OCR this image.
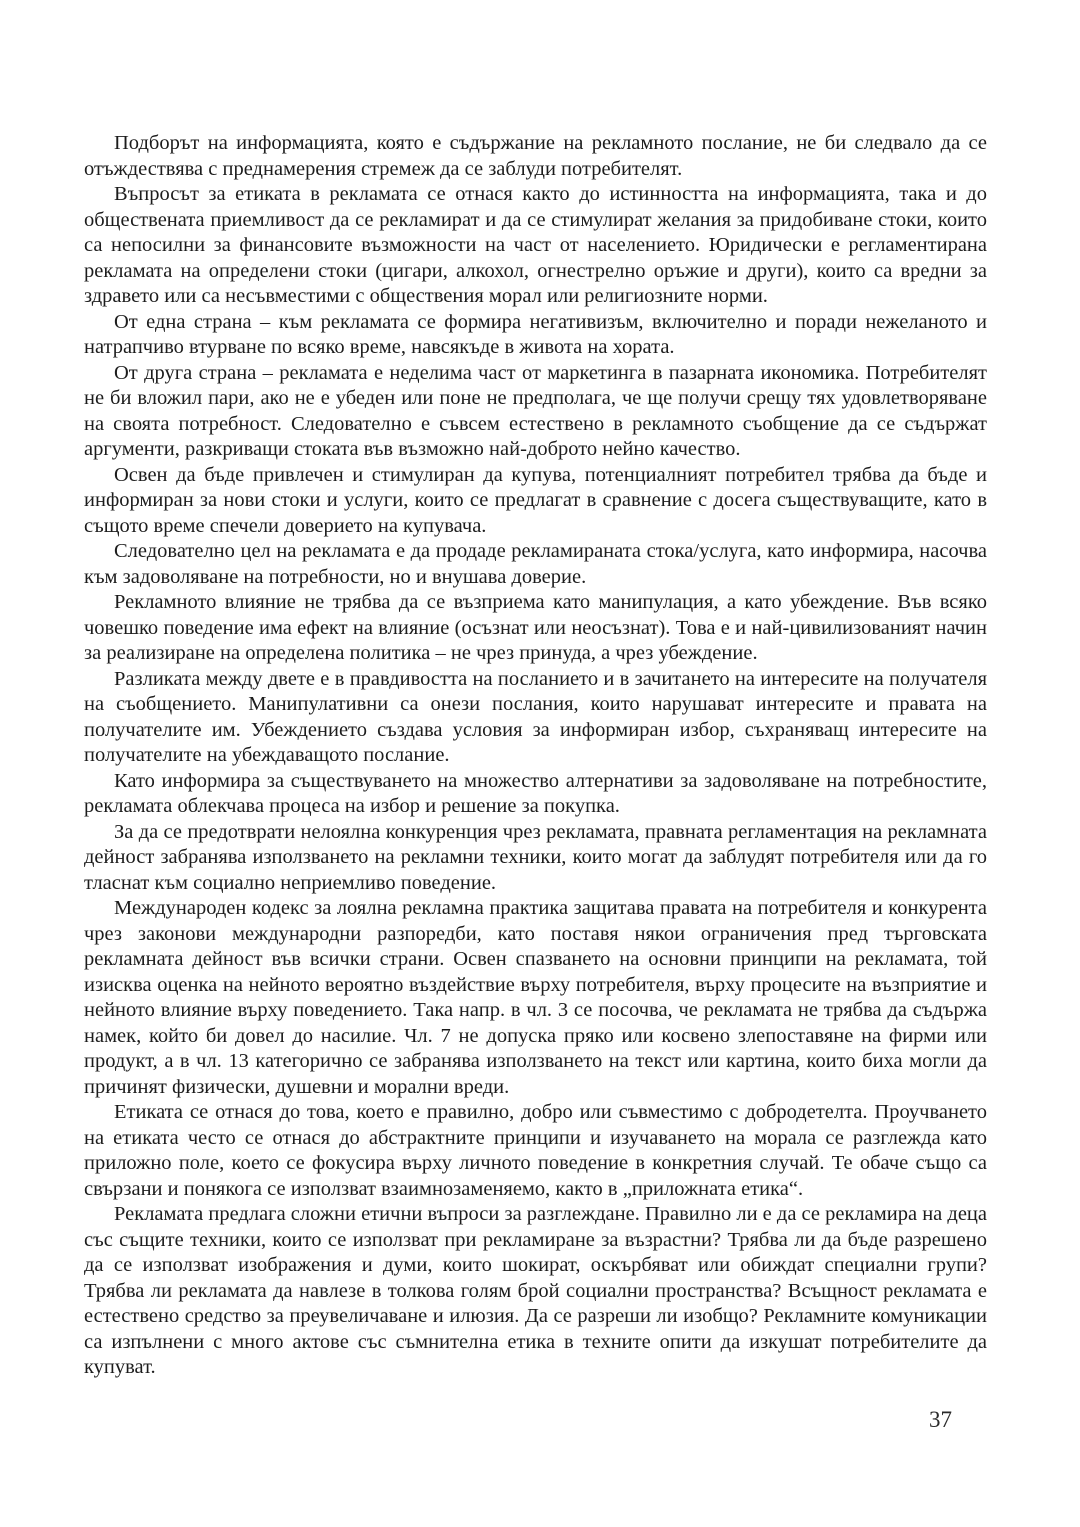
Подборът на информацията, която е съдържание на рекламното послание, не би следвало да се отъждествява с преднамерения стремеж да се заблуди потребителят.

Въпросът за етиката в рекламата се отнася както до истинността на информацията, така и до обществената приемливост да се рекламират и да се стимулират желания за придобиване стоки, които са непосилни за финансовите възможности на част от населението. Юридически е регламентирана рекламата на определени стоки (цигари, алкохол, огнестрелно оръжие и други), които са вредни за здравето или са несъвместими с обществения морал или религиозните норми.

От една страна – към рекламата се формира негативизъм, включително и поради нежеланото и натрапчиво втурване по всяко време, навсякъде в живота на хората.

От друга страна – рекламата е неделима част от маркетинга в пазарната икономика. Потребителят не би вложил пари, ако не е убеден или поне не предполага, че ще получи срещу тях удовлетворяване на своята потребност. Следователно е съвсем естествено в рекламното съобщение да се съдържат аргументи, разкриващи стоката във възможно най-доброто нейно качество.

Освен да бъде привлечен и стимулиран да купува, потенциалният потребител трябва да бъде и информиран за нови стоки и услуги, които се предлагат в сравнение с досега съществуващите, като в същото време спечели доверието на купувача.

Следователно цел на рекламата е да продаде рекламираната стока/услуга, като информира, насочва към задоволяване на потребности, но и внушава доверие.

Рекламното влияние не трябва да се възприема като манипулация, а като убеждение. Във всяко човешко поведение има ефект на влияние (осъзнат или неосъзнат). Това е и най-цивилизованият начин за реализиране на определена политика – не чрез принуда, а чрез убеждение.

Разликата между двете е в правдивостта на посланието и в зачитането на интересите на получателя на съобщението. Манипулативни са онези послания, които нарушават интересите и правата на получателите им. Убеждението създава условия за информиран избор, съхраняващ интересите на получателите на убеждаващото послание.

Като информира за съществуването на множество алтернативи за задоволяване на потребностите, рекламата облекчава процеса на избор и решение за покупка.

За да се предотврати нелоялна конкуренция чрез рекламата, правната регламентация на рекламната дейност забранява използването на рекламни техники, които могат да заблудят потребителя или да го тласнат към социално неприемливо поведение.

Международен кодекс за лоялна рекламна практика защитава правата на потребителя и конкурента чрез законови международни разпоредби, като поставя някои ограничения пред търговската рекламната дейност във всички страни. Освен спазването на основни принципи на рекламата, той изисква оценка на нейното вероятно въздействие върху потребителя, върху процесите на възприятие и нейното влияние върху поведението. Така напр. в чл. 3 се посочва, че рекламата не трябва да съдържа намек, който би довел до насилие. Чл. 7 не допуска пряко или косвено злепоставяне на фирми или продукт, а в чл. 13 категорично се забранява използването на текст или картина, които биха могли да причинят физически, душевни и морални вреди.

Етиката се отнася до това, което е правилно, добро или съвместимо с добродетелта. Проучването на етиката често се отнася до абстрактните принципи и изучаването на морала се разглежда като приложно поле, което се фокусира върху личното поведение в конкретния случай. Те обаче също са свързани и понякога се използват взаимнозаменяемо, както в „приложната етика“.

Рекламата предлага сложни етични въпроси за разглеждане. Правилно ли е да се рекламира на деца със същите техники, които се използват при рекламиране за възрастни? Трябва ли да бъде разрешено да се използват изображения и думи, които шокират, оскърбяват или обиждат специални групи? Трябва ли рекламата да навлезе в толкова голям брой социални пространства? Всъщност рекламата е естествено средство за преувеличаване и илюзия. Да се разреши ли изобщо? Рекламните комуникации са изпълнени с много актове със съмнителна етика в техните опити да изкушат потребителите да купуват.

37
